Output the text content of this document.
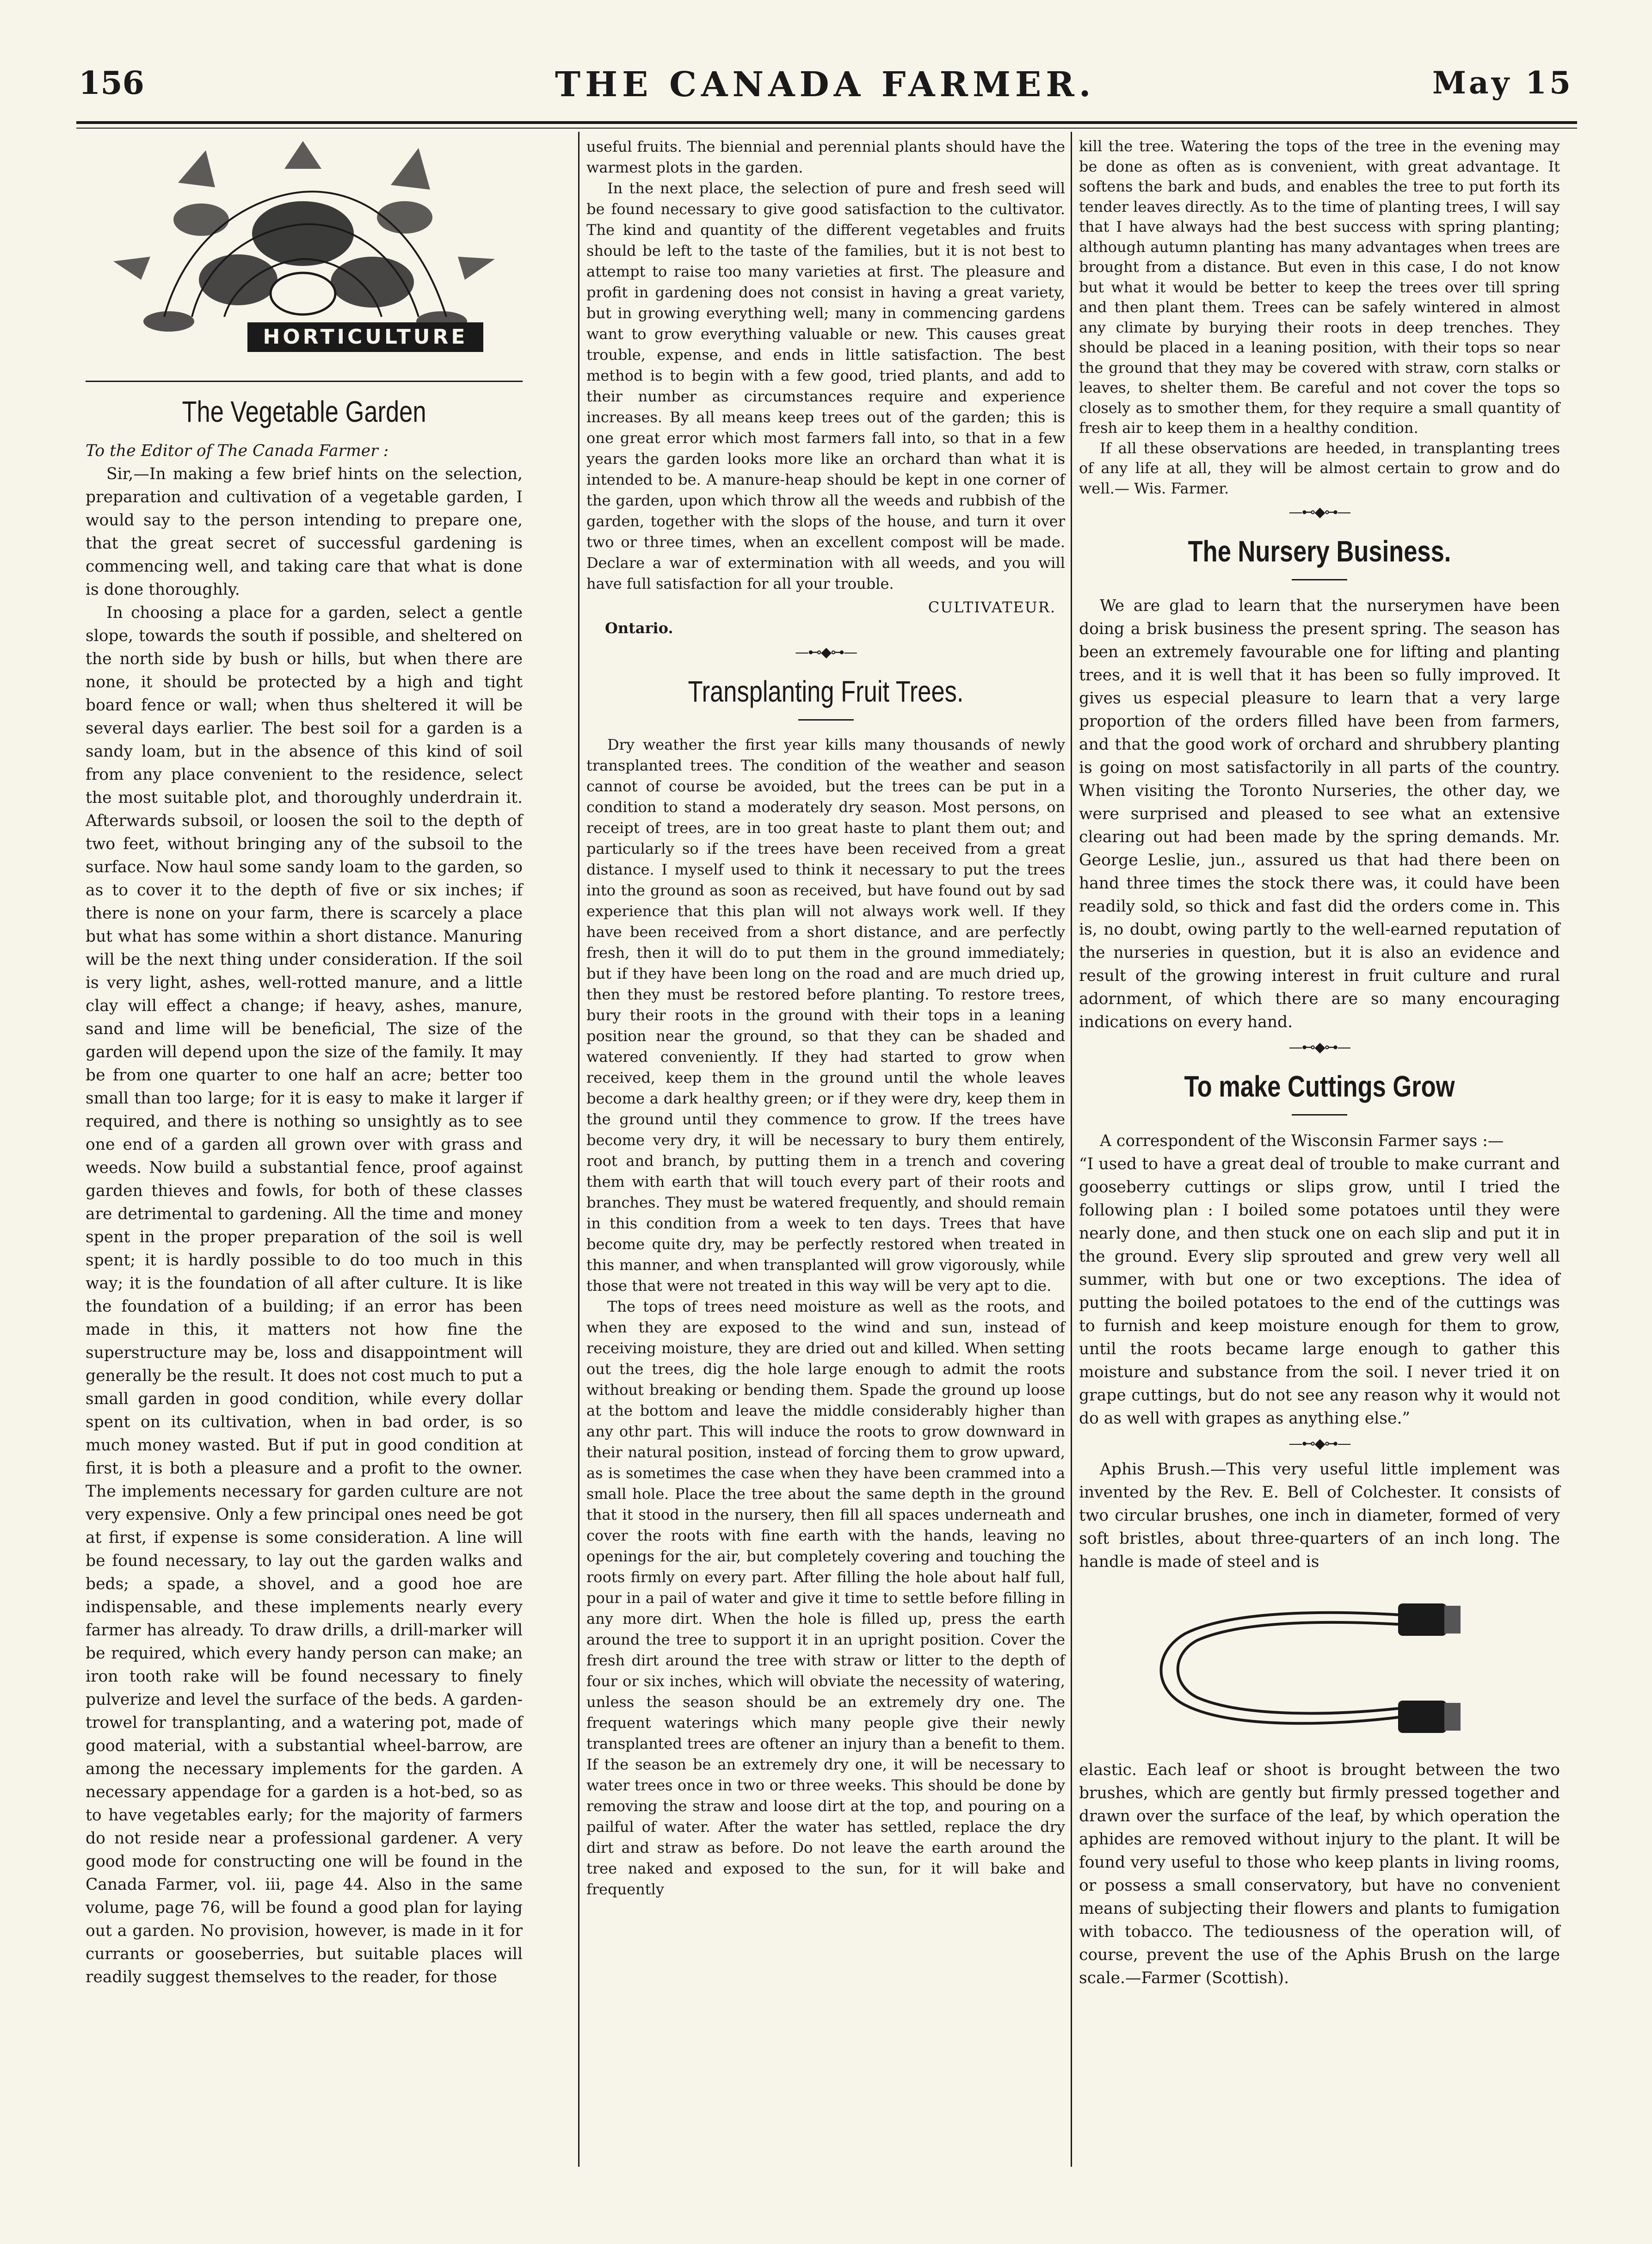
156	THE CANADA FARMER.	May 15
HORTICULTURE
The Vegetable Garden

To the Editor of The Canada Farmer :

Sir,—In making a few brief hints on the selection, preparation and cultivation of a vegetable garden, I would say to the person intending to prepare one, that the great secret of successful gardening is commencing well, and taking care that what is done is done thoroughly.

In choosing a place for a garden, select a gentle slope, towards the south if possible, and sheltered on the north side by bush or hills, but when there are none, it should be protected by a high and tight board fence or wall; when thus sheltered it will be several days earlier. The best soil for a garden is a sandy loam, but in the absence of this kind of soil from any place convenient to the residence, select the most suitable plot, and thoroughly underdrain it. Afterwards subsoil, or loosen the soil to the depth of two feet, without bringing any of the subsoil to the surface. Now haul some sandy loam to the garden, so as to cover it to the depth of five or six inches; if there is none on your farm, there is scarcely a place but what has some within a short distance. Manuring will be the next thing under consideration. If the soil is very light, ashes, well-rotted manure, and a little clay will effect a change; if heavy, ashes, manure, sand and lime will be beneficial, The size of the garden will depend upon the size of the family. It may be from one quarter to one half an acre; better too small than too large; for it is easy to make it larger if required, and there is nothing so unsightly as to see one end of a garden all grown over with grass and weeds. Now build a substantial fence, proof against garden thieves and fowls, for both of these classes are detrimental to gardening. All the time and money spent in the proper preparation of the soil is well spent; it is hardly possible to do too much in this way; it is the foundation of all after culture. It is like the foundation of a building; if an error has been made in this, it matters not how fine the superstructure may be, loss and disappointment will generally be the result. It does not cost much to put a small garden in good condition, while every dollar spent on its cultivation, when in bad order, is so much money wasted. But if put in good condition at first, it is both a pleasure and a profit to the owner. The implements necessary for garden culture are not very expensive. Only a few principal ones need be got at first, if expense is some consideration. A line will be found necessary, to lay out the garden walks and beds; a spade, a shovel, and a good hoe are indispensable, and these implements nearly every farmer has already. To draw drills, a drill-marker will be required, which every handy person can make; an iron tooth rake will be found necessary to finely pulverize and level the surface of the beds. A garden-trowel for transplanting, and a watering pot, made of good material, with a substantial wheel-barrow, are among the necessary implements for the garden. A necessary appendage for a garden is a hot-bed, so as to have vegetables early; for the majority of farmers do not reside near a professional gardener. A very good mode for constructing one will be found in the Canada Farmer, vol. iii, page 44. Also in the same volume, page 76, will be found a good plan for laying out a garden. No provision, however, is made in it for currants or gooseberries, but suitable places will readily suggest themselves to the reader, for those

useful fruits. The biennial and perennial plants should have the warmest plots in the garden.

In the next place, the selection of pure and fresh seed will be found necessary to give good satisfaction to the cultivator. The kind and quantity of the different vegetables and fruits should be left to the taste of the families, but it is not best to attempt to raise too many varieties at first. The pleasure and profit in gardening does not consist in having a great variety, but in growing everything well; many in commencing gardens want to grow everything valuable or new. This causes great trouble, expense, and ends in little satisfaction. The best method is to begin with a few good, tried plants, and add to their number as circumstances require and experience increases. By all means keep trees out of the garden; this is one great error which most farmers fall into, so that in a few years the garden looks more like an orchard than what it is intended to be. A manure-heap should be kept in one corner of the garden, upon which throw all the weeds and rubbish of the garden, together with the slops of the house, and turn it over two or three times, when an excellent compost will be made. Declare a war of extermination with all weeds, and you will have full satisfaction for all your trouble.

CULTIVATEUR.
Ontario.
—⊷◆⊶—
Transplanting Fruit Trees.

Dry weather the first year kills many thousands of newly transplanted trees. The condition of the weather and season cannot of course be avoided, but the trees can be put in a condition to stand a moderately dry season. Most persons, on receipt of trees, are in too great haste to plant them out; and particularly so if the trees have been received from a great distance. I myself used to think it necessary to put the trees into the ground as soon as received, but have found out by sad experience that this plan will not always work well. If they have been received from a short distance, and are perfectly fresh, then it will do to put them in the ground immediately; but if they have been long on the road and are much dried up, then they must be restored before planting. To restore trees, bury their roots in the ground with their tops in a leaning position near the ground, so that they can be shaded and watered conveniently. If they had started to grow when received, keep them in the ground until the whole leaves become a dark healthy green; or if they were dry, keep them in the ground until they commence to grow. If the trees have become very dry, it will be necessary to bury them entirely, root and branch, by putting them in a trench and covering them with earth that will touch every part of their roots and branches. They must be watered frequently, and should remain in this condition from a week to ten days. Trees that have become quite dry, may be perfectly restored when treated in this manner, and when transplanted will grow vigorously, while those that were not treated in this way will be very apt to die.

The tops of trees need moisture as well as the roots, and when they are exposed to the wind and sun, instead of receiving moisture, they are dried out and killed. When setting out the trees, dig the hole large enough to admit the roots without breaking or bending them. Spade the ground up loose at the bottom and leave the middle considerably higher than any othr part. This will induce the roots to grow downward in their natural position, instead of forcing them to grow upward, as is sometimes the case when they have been crammed into a small hole. Place the tree about the same depth in the ground that it stood in the nursery, then fill all spaces underneath and cover the roots with fine earth with the hands, leaving no openings for the air, but completely covering and touching the roots firmly on every part. After filling the hole about half full, pour in a pail of water and give it time to settle before filling in any more dirt. When the hole is filled up, press the earth around the tree to support it in an upright position. Cover the fresh dirt around the tree with straw or litter to the depth of four or six inches, which will obviate the necessity of watering, unless the season should be an extremely dry one. The frequent waterings which many people give their newly transplanted trees are oftener an injury than a benefit to them. If the season be an extremely dry one, it will be necessary to water trees once in two or three weeks. This should be done by removing the straw and loose dirt at the top, and pouring on a pailful of water. After the water has settled, replace the dry dirt and straw as before. Do not leave the earth around the tree naked and exposed to the sun, for it will bake and frequently

kill the tree. Watering the tops of the tree in the evening may be done as often as is convenient, with great advantage. It softens the bark and buds, and enables the tree to put forth its tender leaves directly. As to the time of planting trees, I will say that I have always had the best success with spring planting; although autumn planting has many advantages when trees are brought from a distance. But even in this case, I do not know but what it would be better to keep the trees over till spring and then plant them. Trees can be safely wintered in almost any climate by burying their roots in deep trenches. They should be placed in a leaning position, with their tops so near the ground that they may be covered with straw, corn stalks or leaves, to shelter them. Be careful and not cover the tops so closely as to smother them, for they require a small quantity of fresh air to keep them in a healthy condition.

If all these observations are heeded, in transplanting trees of any life at all, they will be almost certain to grow and do well.— Wis. Farmer.

—⊷◆⊶—
The Nursery Business.

We are glad to learn that the nurserymen have been doing a brisk business the present spring. The season has been an extremely favourable one for lifting and planting trees, and it is well that it has been so fully improved. It gives us especial pleasure to learn that a very large proportion of the orders filled have been from farmers, and that the good work of orchard and shrubbery planting is going on most satisfactorily in all parts of the country. When visiting the Toronto Nurseries, the other day, we were surprised and pleased to see what an extensive clearing out had been made by the spring demands. Mr. George Leslie, jun., assured us that had there been on hand three times the stock there was, it could have been readily sold, so thick and fast did the orders come in. This is, no doubt, owing partly to the well-earned reputation of the nurseries in question, but it is also an evidence and result of the growing interest in fruit culture and rural adornment, of which there are so many encouraging indications on every hand.

—⊷◆⊶—
To make Cuttings Grow

A correspondent of the Wisconsin Farmer says :—

“I used to have a great deal of trouble to make currant and gooseberry cuttings or slips grow, until I tried the following plan : I boiled some potatoes until they were nearly done, and then stuck one on each slip and put it in the ground. Every slip sprouted and grew very well all summer, with but one or two exceptions. The idea of putting the boiled potatoes to the end of the cuttings was to furnish and keep moisture enough for them to grow, until the roots became large enough to gather this moisture and substance from the soil. I never tried it on grape cuttings, but do not see any reason why it would not do as well with grapes as anything else.”

—⊷◆⊶—

Aphis Brush.—This very useful little implement was invented by the Rev. E. Bell of Colchester. It consists of two circular brushes, one inch in diameter, formed of very soft bristles, about three-quarters of an inch long. The handle is made of steel and is

elastic. Each leaf or shoot is brought between the two brushes, which are gently but firmly pressed together and drawn over the surface of the leaf, by which operation the aphides are removed without injury to the plant. It will be found very useful to those who keep plants in living rooms, or possess a small conservatory, but have no convenient means of subjecting their flowers and plants to fumigation with tobacco. The tediousness of the operation will, of course, prevent the use of the Aphis Brush on the large scale.—Farmer (Scottish).
